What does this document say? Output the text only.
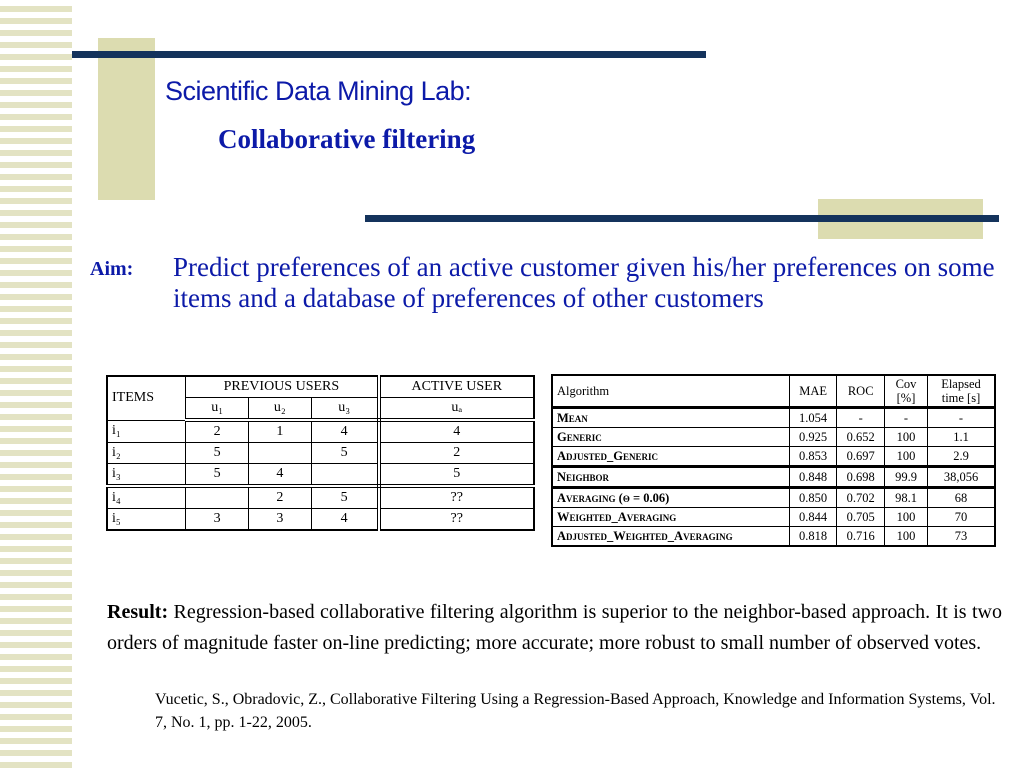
Scientific Data Mining Lab:
Collaborative filtering
Aim: Predict preferences of an active customer given his/her preferences on some items and a database of preferences of other customers
ITEMS	PREVIOUS USERS			ACTIVE USER
	u₁	u₂	u₃	uₐ
i₁	2	1	4	4
i₂	5		5	2
i₃	5	4		5
i₄		2	5	??
i₅	3	3	4	??
Algorithm	MAE	ROC	Cov [%]	Elapsed time [s]
Mean	1.054	-	-	-
Generic	0.925	0.652	100	1.1
Adjusted_Generic	0.853	0.697	100	2.9
Neighbor	0.848	0.698	99.9	38,056
Averaging (θ = 0.06)	0.850	0.702	98.1	68
Weighted_Averaging	0.844	0.705	100	70
Adjusted_Weighted_Averaging	0.818	0.716	100	73
Result: Regression-based collaborative filtering algorithm is superior to the neighbor-based approach. It is two orders of magnitude faster on-line predicting; more accurate; more robust to small number of observed votes.
Vucetic, S., Obradovic, Z., Collaborative Filtering Using a Regression-Based Approach, Knowledge and Information Systems, Vol. 7, No. 1, pp. 1-22, 2005.
